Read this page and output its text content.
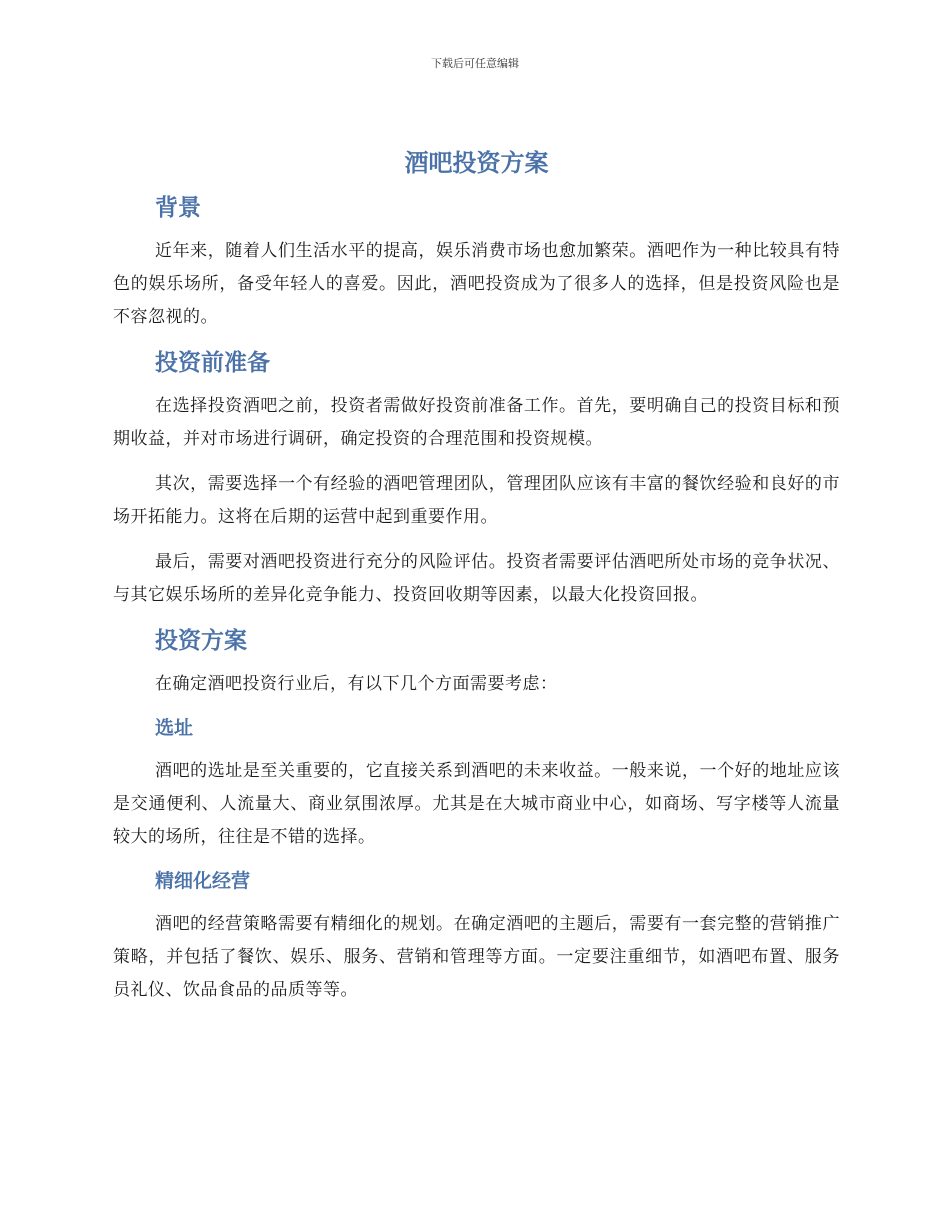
下载后可任意编辑
酒吧投资方案
背景

近年来，随着人们生活水平的提高，娱乐消费市场也愈加繁荣。酒吧作为一种比较具有特色的娱乐场所，备受年轻人的喜爱。因此，酒吧投资成为了很多人的选择，但是投资风险也是不容忽视的。

投资前准备

在选择投资酒吧之前，投资者需做好投资前准备工作。首先，要明确自己的投资目标和预期收益，并对市场进行调研，确定投资的合理范围和投资规模。

其次，需要选择一个有经验的酒吧管理团队，管理团队应该有丰富的餐饮经验和良好的市场开拓能力。这将在后期的运营中起到重要作用。

最后，需要对酒吧投资进行充分的风险评估。投资者需要评估酒吧所处市场的竞争状况、与其它娱乐场所的差异化竞争能力、投资回收期等因素，以最大化投资回报。

投资方案

在确定酒吧投资行业后，有以下几个方面需要考虑：

选址

酒吧的选址是至关重要的，它直接关系到酒吧的未来收益。一般来说，一个好的地址应该是交通便利、人流量大、商业氛围浓厚。尤其是在大城市商业中心，如商场、写字楼等人流量较大的场所，往往是不错的选择。

精细化经营

酒吧的经营策略需要有精细化的规划。在确定酒吧的主题后，需要有一套完整的营销推广策略，并包括了餐饮、娱乐、服务、营销和管理等方面。一定要注重细节，如酒吧布置、服务员礼仪、饮品食品的品质等等。
